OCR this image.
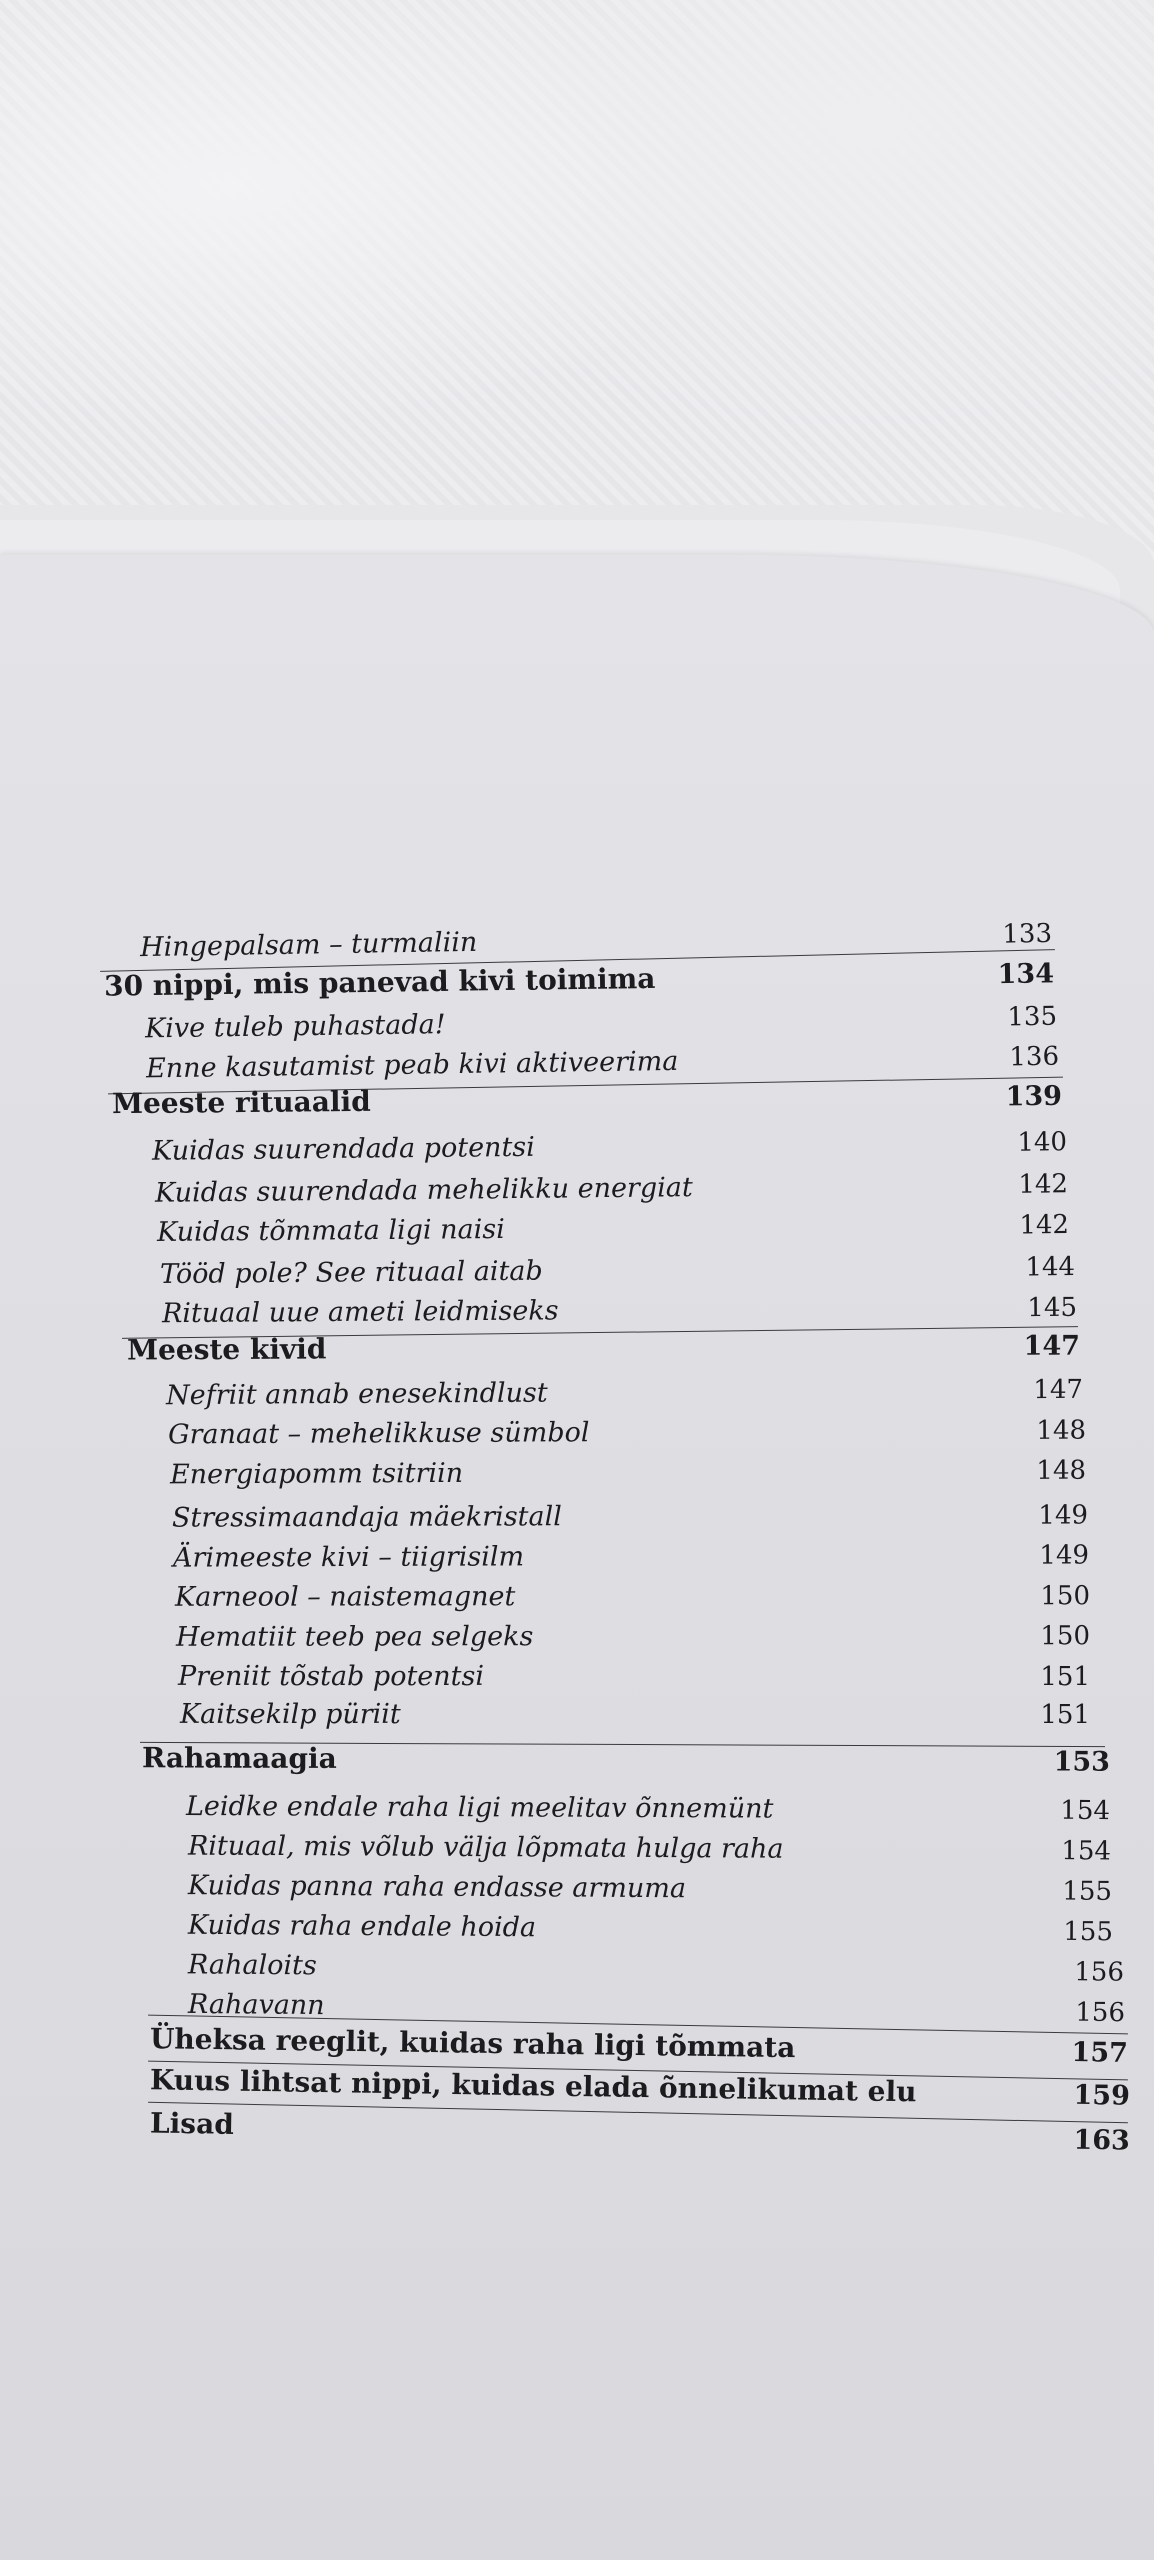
Hingepalsam – turmaliin	133
30 nippi, mis panevad kivi toimima	134
Kive tuleb puhastada!	135
Enne kasutamist peab kivi aktiveerima	136
Meeste rituaalid	139
Kuidas suurendada potentsi	140
Kuidas suurendada mehelikku energiat	142
Kuidas tõmmata ligi naisi	142
Tööd pole? See rituaal aitab	144
Rituaal uue ameti leidmiseks	145
Meeste kivid	147
Nefriit annab enesekindlust	147
Granaat – mehelikkuse sümbol	148
Energiapomm tsitriin	148
Stressimaandaja mäekristall	149
Ärimeeste kivi – tiigrisilm	149
Karneool – naistemagnet	150
Hematiit teeb pea selgeks	150
Preniit tõstab potentsi	151
Kaitsekilp püriit	151
Rahamaagia	153
Leidke endale raha ligi meelitav õnnemünt	154
Rituaal, mis võlub välja lõpmata hulga raha	154
Kuidas panna raha endasse armuma	155
Kuidas raha endale hoida	155
Rahaloits	156
Rahavann	156
Üheksa reeglit, kuidas raha ligi tõmmata	157
Kuus lihtsat nippi, kuidas elada õnnelikumat elu	159
Lisad	163
